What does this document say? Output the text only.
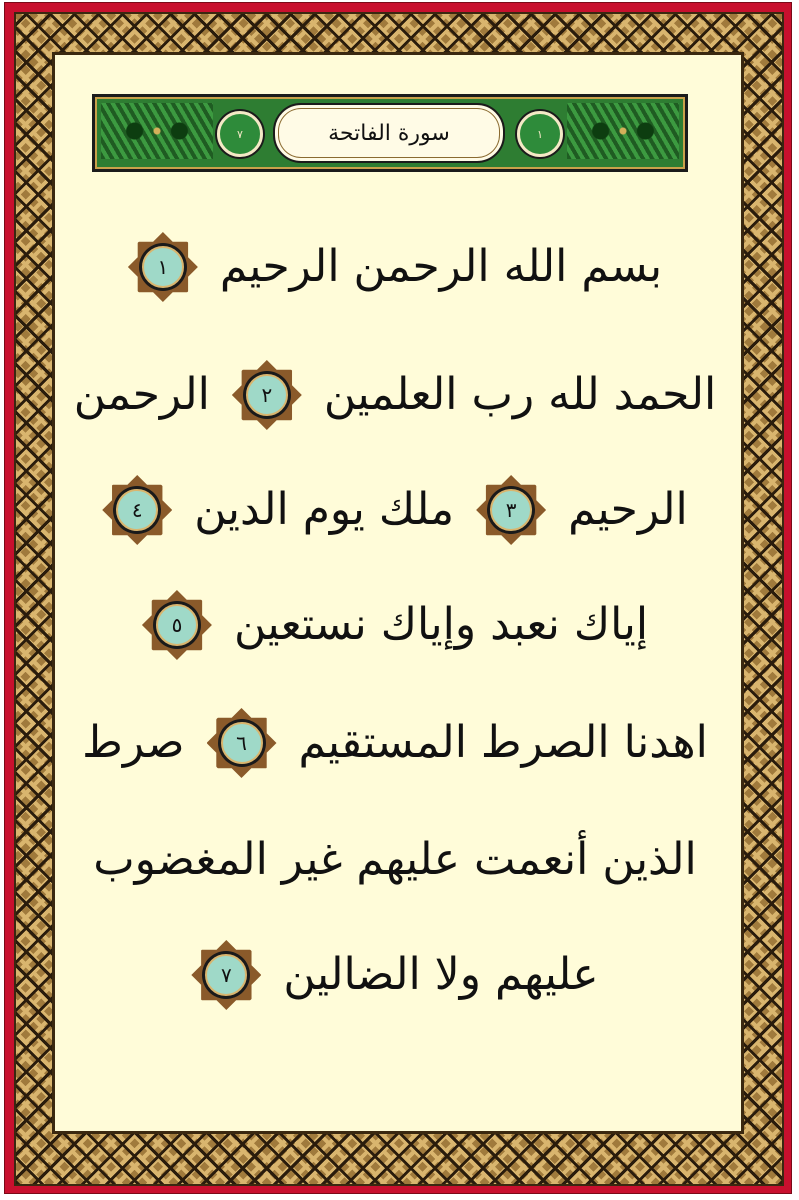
٧	سورة الفاتحة	١
بسم الله الرحمن الرحيم
١
الحمد لله رب العلمين
٢
الرحمن
الرحيم
٣
ملك يوم الدين
٤
إياك نعبد وإياك نستعين
٥
اهدنا الصرط المستقيم
٦
صرط
الذين أنعمت عليهم غير المغضوب
عليهم ولا الضالين
٧
